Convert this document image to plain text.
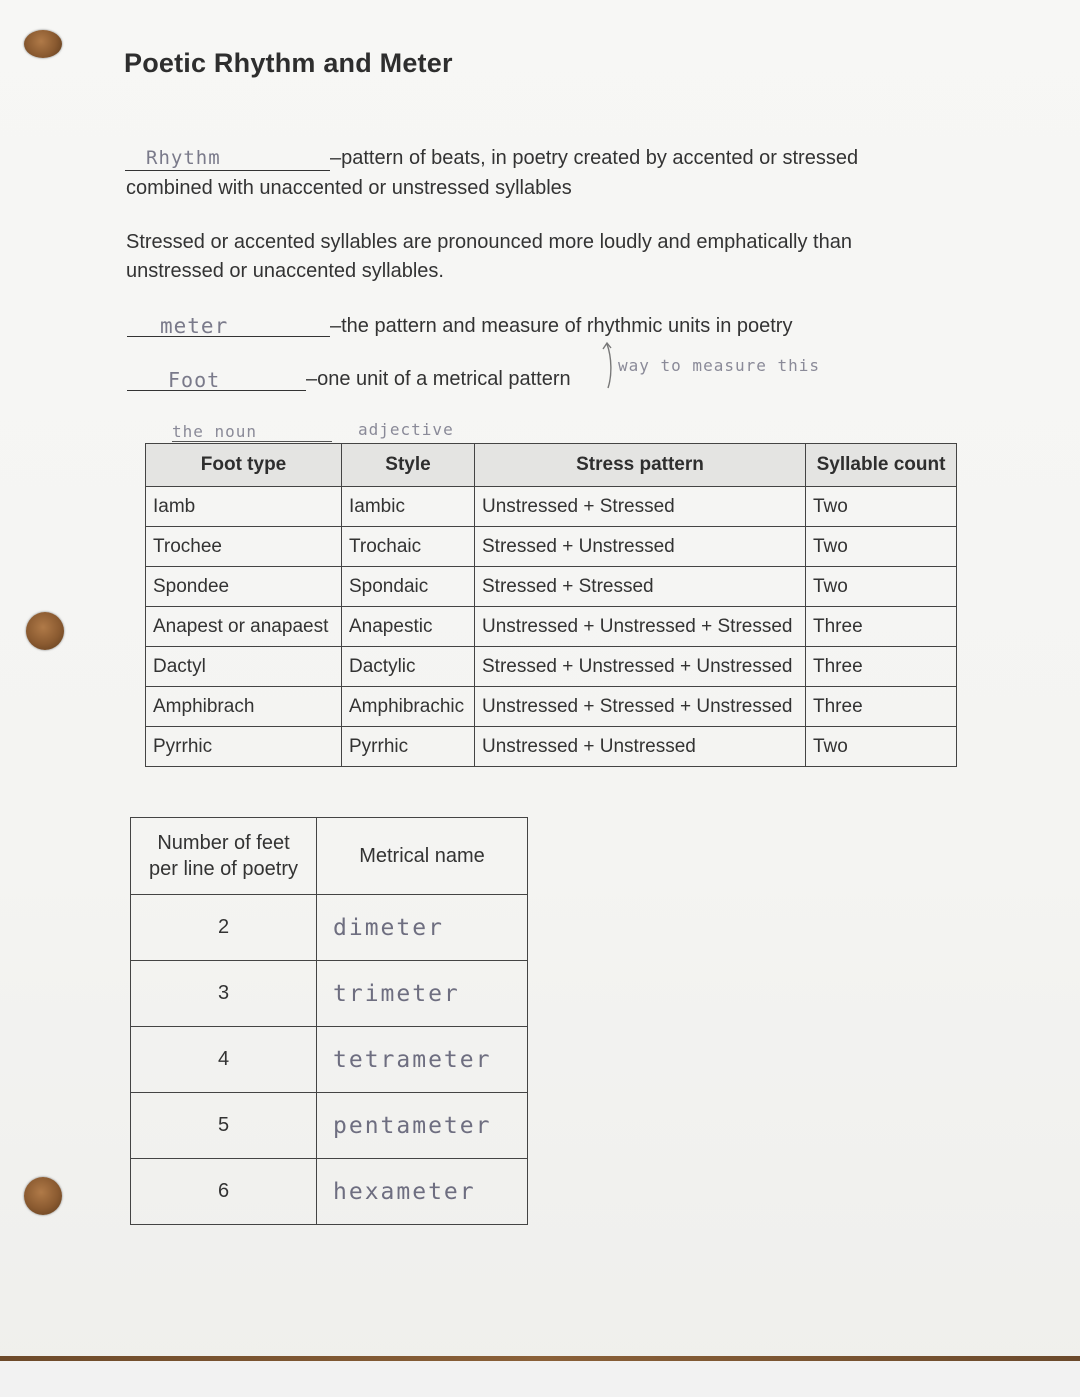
Poetic Rhythm and Meter
Rhythm	–pattern of beats, in poetry created by accented or stressed
combined with unaccented or unstressed syllables
Stressed or accented syllables are pronounced more loudly and emphatically than
unstressed or unaccented syllables.
meter	–the pattern and measure of rhythmic units in poetry
Foot	–one unit of a metrical pattern
way to measure this
the noun	adjective
Foot type	Style	Stress pattern	Syllable count
Iamb	Iambic	Unstressed + Stressed	Two
Trochee	Trochaic	Stressed + Unstressed	Two
Spondee	Spondaic	Stressed + Stressed	Two
Anapest or anapaest	Anapestic	Unstressed + Unstressed + Stressed	Three
Dactyl	Dactylic	Stressed + Unstressed + Unstressed	Three
Amphibrach	Amphibrachic	Unstressed + Stressed + Unstressed	Three
Pyrrhic	Pyrrhic	Unstressed + Unstressed	Two
Number of feet
per line of poetry	Metrical name
2	dimeter
3	trimeter
4	tetrameter
5	pentameter
6	hexameter
